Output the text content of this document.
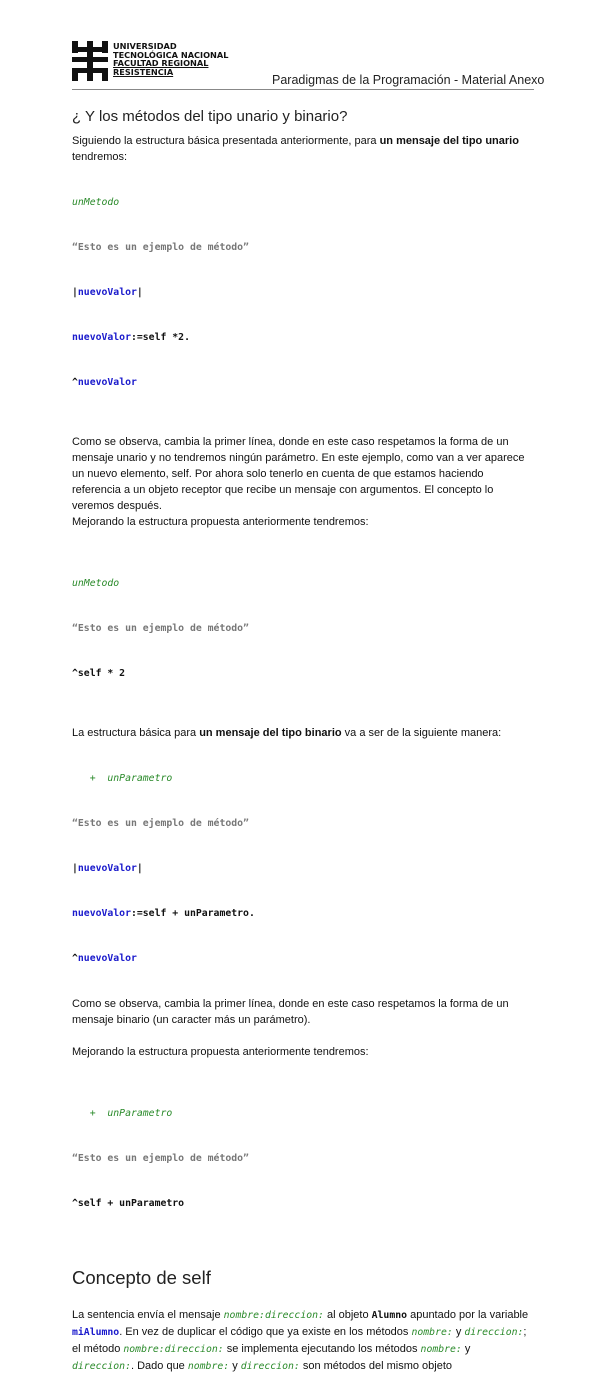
UNIVERSIDAD
TECNOLÓGICA NACIONAL
FACULTAD REGIONAL
RESISTENCIA
Paradigmas de la Programación - Material Anexo
¿ Y los métodos del tipo unario y binario?

Siguiendo la estructura básica presentada anteriormente, para un mensaje del tipo unario tendremos:

unMetodo

“Esto es un ejemplo de método”

|nuevoValor|

nuevoValor:=self *2.

^nuevoValor

Como se observa, cambia la primer línea, donde en este caso respetamos la forma de un mensaje unario y no tendremos ningún parámetro. En este ejemplo, como van a ver aparece un nuevo elemento, self. Por ahora solo tenerlo en cuenta de que estamos haciendo referencia a un objeto receptor que recibe un mensaje con argumentos. El concepto lo veremos después.

Mejorando la estructura propuesta anteriormente tendremos:

unMetodo

“Esto es un ejemplo de método”

^self * 2

La estructura básica para un mensaje del tipo binario va a ser de la siguiente manera:

+  unParametro

“Esto es un ejemplo de método”

|nuevoValor|

nuevoValor:=self + unParametro.

^nuevoValor

Como se observa, cambia la primer línea, donde en este caso respetamos la forma de un mensaje binario (un caracter más un parámetro).

Mejorando la estructura propuesta anteriormente tendremos:

+  unParametro

“Esto es un ejemplo de método”

^self + unParametro

Concepto de self

La sentencia envía el mensaje nombre:direccion: al objeto Alumno apuntado por la variable miAlumno. En vez de duplicar el código que ya existe en los métodos nombre: y direccion:; el método nombre:direccion: se implementa ejecutando los métodos nombre: y direccion:. Dado que nombre: y direccion: son métodos del mismo objeto
